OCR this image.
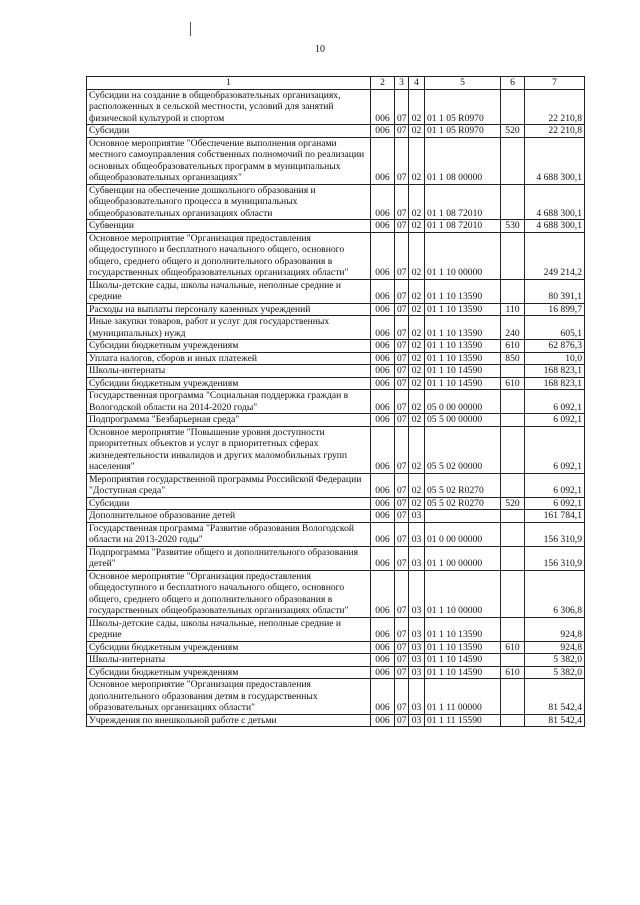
10
1	2	3	4	5	6	7
Субсидии на создание в общеобразовательных организациях, расположенных в сельской местности, условий для занятий физической культурой и спортом	006	07	02	01 1 05 R0970		22 210,8
Субсидии	006	07	02	01 1 05 R0970	520	22 210,8
Основное мероприятие "Обеспечение выполнения органами местного самоуправления собственных полномочий по реализации основных общеобразовательных программ в муниципальных общеобразовательных организациях"	006	07	02	01 1 08 00000		4 688 300,1
Субвенции на обеспечение дошкольного образования и общеобразовательного процесса в муниципальных общеобразовательных организациях области	006	07	02	01 1 08 72010		4 688 300,1
Субвенции	006	07	02	01 1 08 72010	530	4 688 300,1
Основное мероприятие "Организация предоставления общедоступного и бесплатного начального общего, основного общего, среднего общего и дополнительного образования в государственных общеобразовательных организациях области"	006	07	02	01 1 10 00000		249 214,2
Школы-детские сады, школы начальные, неполные средние и средние	006	07	02	01 1 10 13590		80 391,1
Расходы на выплаты персоналу казенных учреждений	006	07	02	01 1 10 13590	110	16 899,7
Иные закупки товаров, работ и услуг для государственных (муниципальных) нужд	006	07	02	01 1 10 13590	240	605,1
Субсидии бюджетным учреждениям	006	07	02	01 1 10 13590	610	62 876,3
Уплата налогов, сборов и иных платежей	006	07	02	01 1 10 13590	850	10,0
Школы-интернаты	006	07	02	01 1 10 14590		168 823,1
Субсидии бюджетным учреждениям	006	07	02	01 1 10 14590	610	168 823,1
Государственная программа "Социальная поддержка граждан в Вологодской области на 2014-2020 годы"	006	07	02	05 0 00 00000		6 092,1
Подпрограмма "Безбарьерная среда"	006	07	02	05 5 00 00000		6 092,1
Основное мероприятие "Повышение уровня доступности приоритетных объектов и услуг в приоритетных сферах жизнедеятельности инвалидов и других маломобильных групп населения"	006	07	02	05 5 02 00000		6 092,1
Мероприятия государственной программы Российской Федерации "Доступная среда"	006	07	02	05 5 02 R0270		6 092,1
Субсидии	006	07	02	05 5 02 R0270	520	6 092,1
Дополнительное образование детей	006	07	03			161 784,1
Государственная программа "Развитие образования Вологодской области на 2013-2020 годы"	006	07	03	01 0 00 00000		156 310,9
Подпрограмма "Развитие общего и дополнительного образования детей"	006	07	03	01 1 00 00000		156 310,9
Основное мероприятие "Организация предоставления общедоступного и бесплатного начального общего, основного общего, среднего общего и дополнительного образования в государственных общеобразовательных организациях области"	006	07	03	01 1 10 00000		6 306,8
Школы-детские сады, школы начальные, неполные средние и средние	006	07	03	01 1 10 13590		924,8
Субсидии бюджетным учреждениям	006	07	03	01 1 10 13590	610	924,8
Школы-интернаты	006	07	03	01 1 10 14590		5 382,0
Субсидии бюджетным учреждениям	006	07	03	01 1 10 14590	610	5 382,0
Основное мероприятие "Организация предоставления дополнительного образования детям в государственных образовательных организациях области"	006	07	03	01 1 11 00000		81 542,4
Учреждения по внешкольной работе с детьми	006	07	03	01 1 11 15590		81 542,4
